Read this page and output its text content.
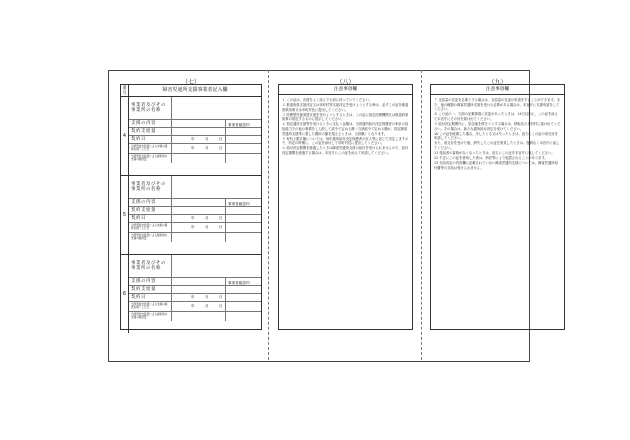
（七）	（八）	（九）
番号	障害児通所支援事業者記入欄
4
事業者及びその事業所の名称
支援の内容	事業者確認印
契約支給量
契約日	年	月	日
当該契約支給量による支援の提供を終了した日	年	月	日
当該契約支給量による提供済の支援の提供量
5
事業者及びその事業所の名称
支援の内容	事業者確認印
契約支給量
契約日	年	月	日
当該契約支給量による支援の提供を終了した日	年	月	日
当該契約支給量による提供済の支援の提供量
6
事業者及びその事業所の名称
支援の内容	事業者確認印
契約支給量
契約日	年	月	日
当該契約支給量による支援の提供を終了した日	年	月	日
当該契約支給量による提供済の支援の提供量
注意事項欄
１ この証は、各面をよく読んで大切に持っていてください。
２ 都道府県支援決定又は市町村等支援決定を受けようとする時は、必ずこの証を都道府県知事又は市町村長に提出してください。
３ 医療型児童発達支援を受けようとするときは、この証に指定医療機関又は都道府県知事の指定するものに提示してください。
４ 指定通所支援等を受けるときに支払う金額は、当該通所給付決定保護者の家計の負担能力その他の事情をしん酌して政令で定める額（当該政令で定める額が、指定障害児通所支援等に要した費用の額を超えるときは、当該額）となります。
５ 有料上限月額については、毎年通所給付決定保護者の収入等に応じて決定しますので、所定の時期に、この証を添付して市町村長に提出してください。
６ 給付決定期間を経過したときは障害児通所支援の給付を受けられませんので、給付決定期間を経過する場合は、本官庁にこの証を添えて申請してください。
注意事項欄
７ 支給量の変更を必要とする場合は、支給量の変更の申請をすることができます。また、他の種類の障害児通所支援を受ける必要がある場合は、本官庁に支援申請をしてください。
８ この証の一、九面の記載事項に変更があったときは、14日以内に、この証を添えて本官庁にその旨を届け出てください。
９ 給付決定期間内に、居住地を移そうとする場合は、移転先の市町村に届け出てください。その場合は、新たな通所給付決定を受けてください。
10 この証を破棄した場合、汚したとき又は失ったときは、直ちにこの証の再交付を申請してください。
また、再交付を受けた後、紛失したこの証を発見したときは、遅滞なく本官庁に返してください。
11 受給者の資格がなくなったときは、直ちにこの証を本官庁に返してください。
12 不正にこの証を使用した者は、刑法等により処罰されることがあります。
13 支給決定の内容欄に記載されていない障害児通所支援については、障害児通所給付費等の支給は受けられません。
